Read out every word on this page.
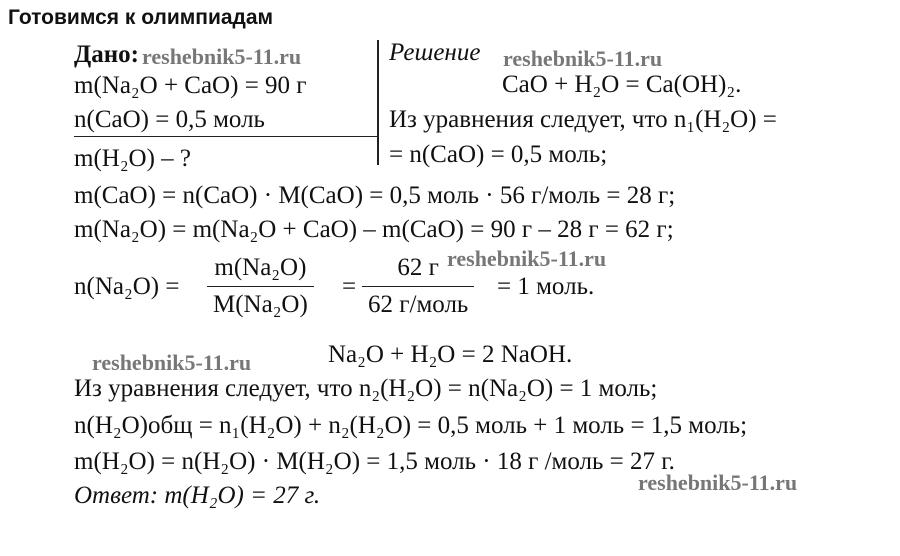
Готовимся к олимпиадам
Дано:
m(Na₂O + CaO) = 90 г
n(CaO) = 0,5 моль
m(H₂O) – ?
Решение
CaO + H₂O = Ca(OH)₂.
Из уравнения следует, что n₁(H₂O) =
= n(CaO) = 0,5 моль;
m(CaO) = n(CaO) · M(CaO) = 0,5 моль · 56 г/моль = 28 г;
m(Na₂O) = m(Na₂O + CaO) – m(CaO) = 90 г – 28 г = 62 г;
$n(Na_2O) = \frac{\text{m(Na₂O)}}{\text{M(Na₂O)}}$ =
62 г
62 г/моль
= 1 моль.
Na₂O + H₂O = 2 NaOH.
Из уравнения следует, что n₂(H₂O) = n(Na₂O) = 1 моль;
n(H₂O)общ = n₁(H₂O) + n₂(H₂O) = 0,5 моль + 1 моль = 1,5 моль;
m(H₂O) = n(H₂O) · M(H₂O) = 1,5 моль · 18 г /моль = 27 г.
Ответ: m(H₂O) = 27 г.
reshebnik5-11.ru	reshebnik5-11.ru
reshebnik5-11.ru
reshebnik5-11.ru
reshebnik5-11.ru
